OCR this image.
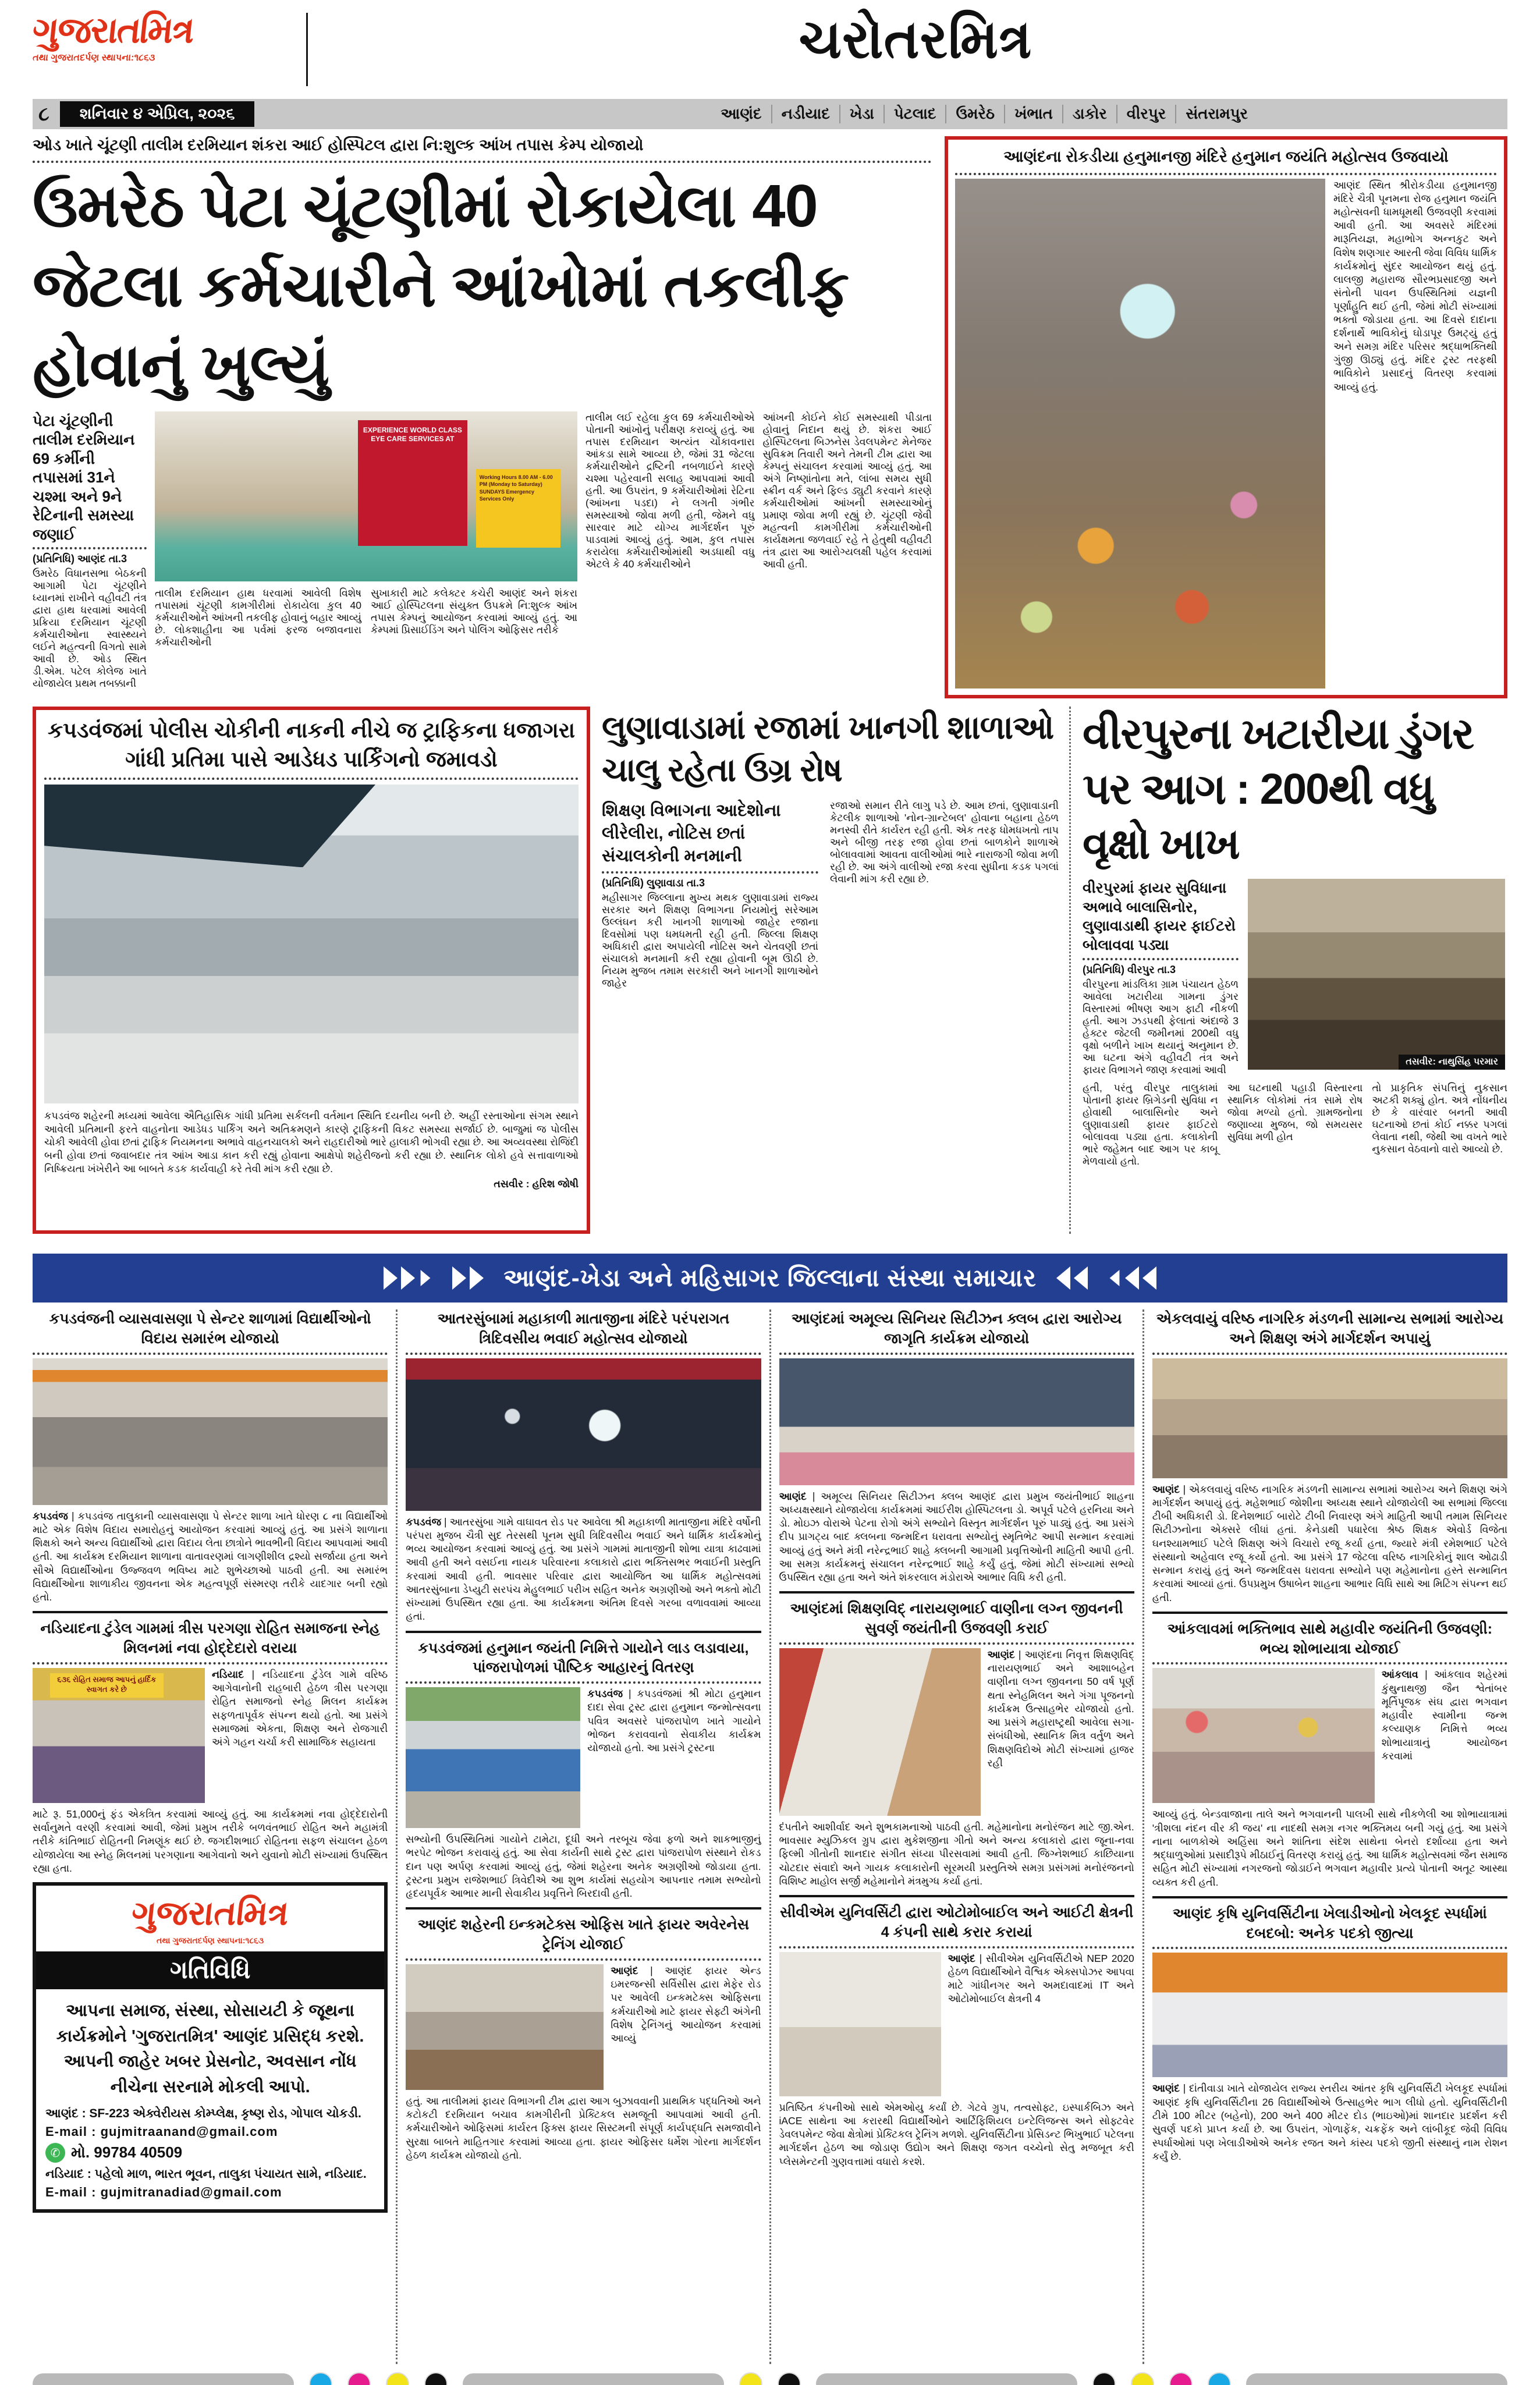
ગુજરાતમિત્ર
તથા ગુજરાતદર્પણ સ્થાપના:૧૮૬૩	ચરોતરમિત્ર
૮	શનિવાર ૪ એપ્રિલ, ૨૦૨૬	આણંદ	નડીયાદ	ખેડા	પેટલાદ	ઉમરેઠ	ખંભાત	ડાકોર	વીરપુર	સંતરામપુર
ઓડ ખાતે ચૂંટણી તાલીમ દરમિયાન શંકરા આઈ હોસ્પિટલ દ્વારા નિ:શુલ્ક આંખ તપાસ કેમ્પ યોજાયો
ઉમરેઠ પેટા ચૂંટણીમાં રોકાયેલા 40 જેટલા કર્મચારીને આંખોમાં તકલીફ હોવાનું ખુલ્યું
પેટા ચૂંટણીની તાલીમ દરમિયાન 69 કર્મીની તપાસમાં 31ને ચશ્મા અને 9ને રેટિનાની સમસ્યા જણાઈ
(પ્રતિનિધિ) આણંદ તા.3

ઉમરેઠ વિધાનસભા બેઠકની આગામી પેટા ચૂંટણીને ધ્યાનમાં રાખીને વહીવટી તંત્ર દ્વારા હાથ ધરવામાં આવેલી પ્રક્રિયા દરમિયાન ચૂંટણી કર્મચારીઓના સ્વાસ્થ્યને લઈને મહત્વની વિગતો સામે આવી છે. ઓડ સ્થિત ડી.એમ. પટેલ કોલેજ ખાતે યોજાયેલ પ્રથમ તબક્કાની

EXPERIENCE WORLD CLASS EYE CARE SERVICES AT
Working Hours 8.00 AM - 6.00 PM (Monday to Saturday) SUNDAYS Emergency Services Only

તાલીમ દરમિયાન હાથ ધરવામાં આવેલી વિશેષ તપાસમાં ચૂંટણી કામગીરીમાં રોકાયેલા કુલ 40 કર્મચારીઓને આંખની તકલીફ હોવાનું બહાર આવ્યું છે. લોકશાહીના આ પર્વમાં ફરજ બજાવનારા કર્મચારીઓની

સુખાકારી માટે કલેક્ટર કચેરી આણંદ અને શંકરા આઈ હોસ્પિટલના સંયુક્ત ઉપક્રમે નિ:શુલ્ક આંખ તપાસ કેમ્પનું આયોજન કરવામાં આવ્યું હતું. આ કેમ્પમાં પ્રિસાઈડિંગ અને પોલિંગ ઓફિસર તરીકે

તાલીમ લઈ રહેલા કુલ 69 કર્મચારીઓએ પોતાની આંખોનું પરીક્ષણ કરાવ્યું હતું. આ તપાસ દરમિયાન અત્યંત ચોંકાવનારા આંકડા સામે આવ્યા છે, જેમાં 31 જેટલા કર્મચારીઓને દ્રષ્ટિની નબળાઈને કારણે ચશ્મા પહેરવાની સલાહ આપવામાં આવી હતી. આ ઉપરાંત, 9 કર્મચારીઓમાં રેટિના (આંખના પડદા) ને લગતી ગંભીર સમસ્યાઓ જોવા મળી હતી, જેમને વધુ સારવાર માટે યોગ્ય માર્ગદર્શન પૂરું પાડવામાં આવ્યું હતું. આમ, કુલ તપાસ કરાયેલા કર્મચારીઓમાંથી અડધાથી વધુ એટલે કે 40 કર્મચારીઓને

આંખની કોઈને કોઈ સમસ્યાથી પીડાતા હોવાનું નિદાન થયું છે. શંકરા આઈ હોસ્પિટલના બિઝનેસ ડેવલપમેન્ટ મેનેજર સુવિક્રમ તિવારી અને તેમની ટીમ દ્વારા આ કેમ્પનું સંચાલન કરવામાં આવ્યું હતું. આ અંગે નિષ્ણાંતોના મતે, લાંબા સમય સુધી સ્ક્રીન વર્ક અને ફિલ્ડ ડ્યુટી કરવાને કારણે કર્મચારીઓમાં આંખની સમસ્યાઓનું પ્રમાણ જોવા મળી રહ્યું છે. ચૂંટણી જેવી મહત્વની કામગીરીમાં કર્મચારીઓની કાર્યક્ષમતા જળવાઈ રહે તે હેતુથી વહીવટી તંત્ર દ્વારા આ આરોગ્યલક્ષી પહેલ કરવામાં આવી હતી.

આણંદના રોકડીયા હનુમાનજી મંદિરે હનુમાન જયંતિ મહોત્સવ ઉજવાયો

આણંદ સ્થિત શ્રીરોકડીયા હનુમાનજી મંદિરે ચૈત્રી પૂનમના રોજ હનુમાન જયંતિ મહોત્સવની ધામધૂમથી ઉજવણી કરવામાં આવી હતી. આ અવસરે મંદિરમાં મારૂતિયજ્ઞ, મહાભોગ અન્નકુટ અને વિશેષ શણગાર આરતી જેવા વિવિધ ધાર્મિક કાર્યક્રમોનું સુંદર આયોજન થયું હતું. લાલજી મહારાજ સૌરભપ્રસાદજી અને સંતોની પાવન ઉપસ્થિતિમાં યજ્ઞની પૂર્ણાહુતિ થઈ હતી, જેમાં મોટી સંખ્યામાં ભક્તો જોડાયા હતા. આ દિવસે દાદાના દર્શનાર્થે ભાવિકોનું ઘોડાપૂર ઉમટ્યું હતું અને સમગ્ર મંદિર પરિસર શ્રદ્ધાભક્તિથી ગુંજી ઊઠ્યું હતું. મંદિર ટ્રસ્ટ તરફથી ભાવિકોને પ્રસાદનું વિતરણ કરવામાં આવ્યું હતું.

કપડવંજમાં પોલીસ ચોકીની નાકની નીચે જ ટ્રાફિકના ધજાગરા
ગાંધી પ્રતિમા પાસે આડેધડ પાર્કિંગનો જમાવડો

કપડવંજ શહેરની મધ્યમાં આવેલા ઐતિહાસિક ગાંધી પ્રતિમા સર્કલની વર્તમાન સ્થિતિ દયનીય બની છે. અહીં રસ્તાઓના સંગમ સ્થાને આવેલી પ્રતિમાની ફરતે વાહનોના આડેધડ પાર્કિંગ અને અતિક્રમણને કારણે ટ્રાફિકની વિકટ સમસ્યા સર્જાઈ છે. બાજુમાં જ પોલીસ ચોકી આવેલી હોવા છતાં ટ્રાફિક નિયમનના અભાવે વાહનચાલકો અને રાહદારીઓ ભારે હાલાકી ભોગવી રહ્યા છે. આ અવ્યવસ્થા રોજિંદી બની હોવા છતાં જવાબદાર તંત્ર આંખ આડા કાન કરી રહ્યું હોવાના આક્ષેપો શહેરીજનો કરી રહ્યા છે. સ્થાનિક લોકો હવે સત્તાવાળાઓ નિષ્ક્રિયતા ખંખેરીને આ બાબતે કડક કાર્યવાહી કરે તેવી માંગ કરી રહ્યા છે.

તસવીર : હરિશ જોષી
લુણાવાડામાં રજામાં ખાનગી શાળાઓ ચાલુ રહેતા ઉગ્ર રોષ
શિક્ષણ વિભાગના આદેશોના લીરેલીરા, નોટિસ છતાં સંચાલકોની મનમાની
(પ્રતિનિધિ) લુણાવાડા તા.3

મહીસાગર જિલ્લાના મુખ્ય મથક લુણાવાડામાં રાજ્ય સરકાર અને શિક્ષણ વિભાગના નિયમોનું સરેઆમ ઉલ્લંઘન કરી ખાનગી શાળાઓ જાહેર રજાના દિવસોમાં પણ ધમધમતી રહી હતી. જિલ્લા શિક્ષણ અધિકારી દ્વારા અપાયેલી નોટિસ અને ચેતવણી છતાં સંચાલકો મનમાની કરી રહ્યા હોવાની બૂમ ઊઠી છે. નિયમ મુજબ તમામ સરકારી અને ખાનગી શાળાઓને જાહેર

રજાઓ સમાન રીતે લાગુ પડે છે. આમ છતાં, લુણાવાડાની કેટલીક શાળાઓ 'નોન-ગ્રાન્ટેબલ' હોવાના બહાના હેઠળ મનસ્વી રીતે કાર્યરત રહી હતી. એક તરફ ધોમધખતો તાપ અને બીજી તરફ રજા હોવા છતાં બાળકોને શાળાએ બોલાવવામાં આવતા વાલીઓમાં ભારે નારાજગી જોવા મળી રહી છે. આ અંગે વાલીઓ રજા કરવા સુધીના કડક પગલાં લેવાની માંગ કરી રહ્યા છે.

વીરપુરના ખટારીયા ડુંગર પર આગ : 200થી વધુ વૃક્ષો ખાખ
વીરપુરમાં ફાયર સુવિધાના અભાવે બાલાસિનોર, લુણાવાડાથી ફાયર ફાઈટરો બોલાવવા પડ્યા
(પ્રતિનિધિ) વીરપુર તા.3

વીરપુરના માંડલિકા ગ્રામ પંચાયત હેઠળ આવેલા ખટારીયા ગામના ડુંગર વિસ્તારમાં ભીષણ આગ ફાટી નીકળી હતી. આગ ઝડપથી ફેલાતાં અંદાજે 3 હેક્ટર જેટલી જમીનમાં 200થી વધુ વૃક્ષો બળીને ખાખ થયાનું અનુમાન છે. આ ઘટના અંગે વહીવટી તંત્ર અને ફાયર વિભાગને જાણ કરવામાં આવી

તસવીર: નાથુસિંહ પરમાર

હતી, પરંતુ વીરપુર તાલુકામાં પોતાની ફાયર બ્રિગેડની સુવિધા ન હોવાથી બાલાસિનોર અને લુણાવાડાથી ફાયર ફાઈટરો બોલાવવા પડ્યા હતા. કલાકોની ભારે જહેમત બાદ આગ પર કાબૂ મેળવાયો હતો.

આ ઘટનાથી પહાડી વિસ્તારના સ્થાનિક લોકોમાં તંત્ર સામે રોષ જોવા મળ્યો હતો. ગ્રામજનોના જણાવ્યા મુજબ, જો સમયસર સુવિધા મળી હોત

તો પ્રાકૃતિક સંપત્તિનું નુકસાન અટકી શક્યું હોત. અત્રે નોંધનીય છે કે વારંવાર બનતી આવી ઘટનાઓ છતાં કોઈ નક્કર પગલાં લેવાતા નથી, જેથી આ વખતે ભારે નુકસાન વેઠવાનો વારો આવ્યો છે.

આણંદ-ખેડા અને મહિસાગર જિલ્લાના સંસ્થા સમાચાર
કપડવંજની વ્યાસવાસણા પે સેન્ટર શાળામાં વિદ્યાર્થીઓનો વિદાય સમારંભ યોજાયો

કપડવંજ | કપડવંજ તાલુકાની વ્યાસવાસણા પે સેન્ટર શાળા ખાતે ધોરણ ૮ ના વિદ્યાર્થીઓ માટે એક વિશેષ વિદાય સમારોહનું આયોજન કરવામાં આવ્યું હતું. આ પ્રસંગે શાળાના શિક્ષકો અને અન્ય વિદ્યાર્થીઓ દ્વારા વિદાય લેતા છાત્રોને ભાવભીની વિદાય આપવામાં આવી હતી. આ કાર્યક્રમ દરમિયાન શાળાના વાતાવરણમાં લાગણીશીલ દ્રશ્યો સર્જાયા હતા અને સૌએ વિદ્યાર્થીઓના ઉજ્જવળ ભવિષ્ય માટે શુભેચ્છાઓ પાઠવી હતી. આ સમારંભ વિદ્યાર્થીઓના શાળાકીય જીવનના એક મહત્વપૂર્ણ સંસ્મરણ તરીકે યાદગાર બની રહ્યો હતો.

નડિયાદના ટુંડેલ ગામમાં ત્રીસ પરગણા રોહિત સમાજના સ્નેહ મિલનમાં નવા હોદ્દેદારો વરાયા
૬૩૬ રોહિત સમાજ આપનું હાર્દિક સ્વાગત કરે છે

નડિયાદ | નડિયાદના ટુંડેલ ગામે વરિષ્ઠ આગેવાનોની રાહબારી હેઠળ ત્રીસ પરગણા રોહિત સમાજનો સ્નેહ મિલન કાર્યક્રમ સફળતાપૂર્વક સંપન્ન થયો હતો. આ પ્રસંગે સમાજમાં એકતા, શિક્ષણ અને રોજગારી અંગે ગહન ચર્ચા કરી સામાજિક સહાયતા

માટે રૂ. 51,000નું ફંડ એકત્રિત કરવામાં આવ્યું હતું. આ કાર્યક્રમમાં નવા હોદ્દેદારોની સર્વાનુમતે વરણી કરવામાં આવી, જેમાં પ્રમુખ તરીકે બળવંતભાઈ રોહિત અને મહામંત્રી તરીકે કાંતિભાઈ રોહિતની નિમણૂંક થઈ છે. જગદીશભાઈ રોહિતના સફળ સંચાલન હેઠળ યોજાયેલા આ સ્નેહ મિલનમાં પરગણાના આગેવાનો અને યુવાનો મોટી સંખ્યામાં ઉપસ્થિત રહ્યા હતા.

ગુજરાતમિત્ર
તથા ગુજરાતદર્પણ સ્થાપના:૧૮૬૩
ગતિવિધિ

આપના સમાજ, સંસ્થા, સોસાયટી કે જૂથના કાર્યક્રમોને 'ગુજરાતમિત્ર' આણંદ પ્રસિદ્ધ કરશે. આપની જાહેર ખબર પ્રેસનોટ, અવસાન નોંધ નીચેના સરનામે મોકલી આપો.

આણંદ : SF-223 એક્વેરીયસ કોમ્પ્લેક્ષ, કૃષ્ણ રોડ, ગોપાલ ચોકડી.
E-mail : gujmitraanand@gmail.com
✆ મો. 99784 40509
નડિયાદ : પહેલો માળ, ભારત ભૂવન, તાલુકા પંચાયત સામે, નડિયાદ.
E-mail : gujmitranadiad@gmail.com
આતરસુંબામાં મહાકાળી માતાજીના મંદિરે પરંપરાગત ત્રિદિવસીય ભવાઈ મહોત્સવ યોજાયો

કપડવંજ | આતરસુંબા ગામે વાઘાવત રોડ પર આવેલા શ્રી મહાકાળી માતાજીના મંદિરે વર્ષોની પરંપરા મુજબ ચૈત્રી સુદ તેરસથી પૂનમ સુધી ત્રિદિવસીય ભવાઈ અને ધાર્મિક કાર્યક્રમોનું ભવ્ય આયોજન કરવામાં આવ્યું હતું. આ પ્રસંગે ગામમાં માતાજીની શોભા યાત્રા કાઢવામાં આવી હતી અને વસઈના નાયક પરિવારના કલાકારો દ્વારા ભક્તિસભર ભવાઈની પ્રસ્તુતિ કરવામાં આવી હતી. ભાવસાર પરિવાર દ્વારા આયોજિત આ ધાર્મિક મહોત્સવમાં આતરસુંબાના ડેપ્યુટી સરપંચ મેહુલભાઈ પરીખ સહિત અનેક અગ્રણીઓ અને ભક્તો મોટી સંખ્યામાં ઉપસ્થિત રહ્યા હતા. આ કાર્યક્રમના અંતિમ દિવસે ગરબા વળાવવામાં આવ્યા હતાં.

કપડવંજમાં હનુમાન જયંતી નિમિત્તે ગાયોને લાડ લડાવાયા, પાંજરાપોળમાં પૌષ્ટિક આહારનું વિતરણ

કપડવંજ | કપડવંજમાં શ્રી મોટા હનુમાન દાદા સેવા ટ્રસ્ટ દ્વારા હનુમાન જન્મોત્સવના પવિત્ર અવસરે પાંજરાપોળ ખાતે ગાયોને ભોજન કરાવવાનો સેવાકીય કાર્યક્રમ યોજાયો હતો. આ પ્રસંગે ટ્રસ્ટના

સભ્યોની ઉપસ્થિતિમાં ગાયોને ટામેટા, દૂધી અને તરબૂચ જેવા ફળો અને શાકભાજીનું ભરપેટ ભોજન કરાવાયું હતું. આ સેવા કાર્યની સાથે ટ્રસ્ટ દ્વારા પાંજરાપોળ સંસ્થાને રોકડ દાન પણ અર્પણ કરવામાં આવ્યું હતું, જેમાં શહેરના અનેક અગ્રણીઓ જોડાયા હતા. ટ્રસ્ટના પ્રમુખ રાજેશભાઈ ત્રિવેદીએ આ શુભ કાર્યમાં સહયોગ આપનાર તમામ સભ્યોનો હૃદયપૂર્વક આભાર માની સેવાકીય પ્રવૃત્તિને બિરદાવી હતી.

આણંદ શહેરની ઇન્કમટેક્સ ઓફિસ ખાતે ફાયર અવેરનેસ ટ્રેનિંગ યોજાઈ

આણંદ | આણંદ ફાયર એન્ડ ઇમરજન્સી સર્વિસીસ દ્વારા મેફેર રોડ પર આવેલી ઇન્કમટેક્સ ઓફિસના કર્મચારીઓ માટે ફાયર સેફ્ટી અંગેની વિશેષ ટ્રેનિંગનું આયોજન કરવામાં આવ્યું

હતું. આ તાલીમમાં ફાયર વિભાગની ટીમ દ્વારા આગ બુઝાવવાની પ્રાથમિક પદ્ધતિઓ અને કટોકટી દરમિયાન બચાવ કામગીરીની પ્રેક્ટિકલ સમજૂતી આપવામાં આવી હતી. કર્મચારીઓને ઓફિસમાં કાર્યરત ફિક્સ ફાયર સિસ્ટમની સંપૂર્ણ કાર્યપદ્ધતિ સમજાવીને સુરક્ષા બાબતે માહિતગાર કરવામાં આવ્યા હતા. ફાયર ઓફિસર ધર્મેશ ગોરના માર્ગદર્શન હેઠળ કાર્યક્રમ યોજાયો હતો.

આણંદમાં અમૂલ્ય સિનિયર સિટીઝન ક્લબ દ્વારા આરોગ્ય જાગૃતિ કાર્યક્રમ યોજાયો

આણંદ | અમૂલ્ય સિનિયર સિટીઝન ક્લબ આણંદ દ્વારા પ્રમુખ જયંતીભાઈ શાહના અધ્યક્ષસ્થાને યોજાયેલા કાર્યક્રમમાં આઈરીશ હોસ્પિટલના ડો. અપૂર્વ પટેલે હરનિયા અને ડો. મોઇઝ વોરાએ પેટના રોગો અંગે સભ્યોને વિસ્તૃત માર્ગદર્શન પૂરું પાડ્યું હતું. આ પ્રસંગે દીપ પ્રાગટ્ય બાદ ક્લબના જન્મદિન ધરાવતા સભ્યોનું સ્મૃતિભેટ આપી સન્માન કરવામાં આવ્યું હતું અને મંત્રી નરેન્દ્રભાઈ શાહે ક્લબની આગામી પ્રવૃત્તિઓની માહિતી આપી હતી. આ સમગ્ર કાર્યક્રમનું સંચાલન નરેન્દ્રભાઈ શાહે કર્યું હતું, જેમાં મોટી સંખ્યામાં સભ્યો ઉપસ્થિત રહ્યા હતા અને અંતે શંકરલાલ મંડોરાએ આભાર વિધિ કરી હતી.

આણંદમાં શિક્ષણવિદ્ નારાયણભાઈ વાણીના લગ્ન જીવનની સુવર્ણ જયંતીની ઉજવણી કરાઈ

આણંદ | આણંદના નિવૃત્ત શિક્ષણવિદ્ નારાયણભાઈ અને આશાબહેન વાણીના લગ્ન જીવનના 50 વર્ષ પૂર્ણ થતા સ્નેહમિલન અને ગંગા પૂજનનો કાર્યક્રમ ઉત્સાહભેર યોજાયો હતો. આ પ્રસંગે મહારાષ્ટ્રથી આવેલા સગા-સંબંધીઓ, સ્થાનિક મિત્ર વર્તુળ અને શિક્ષણવિદોએ મોટી સંખ્યામાં હાજર રહી

દંપતીને આશીર્વાદ અને શુભકામનાઓ પાઠવી હતી. મહેમાનોના મનોરંજન માટે જી.એન. ભાવસાર મ્યુઝિકલ ગ્રુપ દ્વારા મુકેશજીના ગીતો અને અન્ય કલાકારો દ્વારા જૂના-નવા ફિલ્મી ગીતોની શાનદાર સંગીત સંધ્યા પીરસવામાં આવી હતી. જિગ્નેશભાઈ કાછિયાના ચોટદાર સંવાદો અને ગાયક કલાકારોની સૂરમયી પ્રસ્તુતિએ સમગ્ર પ્રસંગમાં મનોરંજનનો વિશિષ્ટ માહોલ સર્જી મહેમાનોને મંત્રમુગ્ધ કર્યા હતાં.

સીવીએમ યુનિવર્સિટી દ્વારા ઓટોમોબાઈલ અને આઈટી ક્ષેત્રની 4 કંપની સાથે કરાર કરાયાં

આણંદ | સીવીએમ યુનિવર્સિટીએ NEP 2020 હેઠળ વિદ્યાર્થીઓને વૈશ્વિક એક્સપોઝર આપવા માટે ગાંધીનગર અને અમદાવાદમાં IT અને ઓટોમોબાઈલ ક્ષેત્રની 4

પ્રતિષ્ઠિત કંપનીઓ સાથે એમઓયુ કર્યાં છે. ગેટવે ગ્રુપ, તત્વસોફ્ટ, ઇસ્પાર્કબિઝ અને iACE સાથેના આ કરારથી વિદ્યાર્થીઓને આર્ટિફિશિયલ ઇન્ટેલિજન્સ અને સોફ્ટવેર ડેવલપમેન્ટ જેવા ક્ષેત્રોમાં પ્રેક્ટિકલ ટ્રેનિંગ મળશે. યુનિવર્સિટીના પ્રેસિડન્ટ ભિખુભાઈ પટેલના માર્ગદર્શન હેઠળ આ જોડાણ ઉદ્યોગ અને શિક્ષણ જગત વચ્ચેનો સેતુ મજબૂત કરી પ્લેસમેન્ટની ગુણવત્તામાં વધારો કરશે.

એકલવાયું વરિષ્ઠ નાગરિક મંડળની સામાન્ય સભામાં આરોગ્ય અને શિક્ષણ અંગે માર્ગદર્શન અપાયું

આણંદ | એકલવાયું વરિષ્ઠ નાગરિક મંડળની સામાન્ય સભામાં આરોગ્ય અને શિક્ષણ અંગે માર્ગદર્શન અપાયું હતું. મહેશભાઈ જોશીના અધ્યક્ષ સ્થાને યોજાયેલી આ સભામાં જિલ્લા ટીબી અધિકારી ડો. દિનેશભાઈ બારોટે ટીબી નિવારણ અંગે માહિતી આપી તમામ સિનિયર સિટીઝનોના એક્સરે લીધાં હતાં. કેનેડાથી પધારેલા શ્રેષ્ઠ શિક્ષક એવોર્ડ વિજેતા ઘનશ્યામભાઈ પટેલે શિક્ષણ અંગે વિચારો રજૂ કર્યા હતા, જ્યારે મંત્રી રમેશભાઈ પટેલે સંસ્થાનો અહેવાલ રજૂ કર્યો હતો. આ પ્રસંગે 17 જેટલા વરિષ્ઠ નાગરિકોનું શાલ ઓઢાડી સન્માન કરાયું હતું અને જન્મદિવસ ધરાવતા સભ્યોને પણ મહેમાનોના હસ્તે સન્માનિત કરવામાં આવ્યાં હતાં. ઉપપ્રમુખ ઉષાબેન શાહના આભાર વિધિ સાથે આ મિટિંગ સંપન્ન થઈ હતી.

આંકલાવમાં ભક્તિભાવ સાથે મહાવીર જયંતિની ઉજવણી: ભવ્ય શોભાયાત્રા યોજાઈ

આંકલાવ | આંકલાવ શહેરમાં કુંથુનાથજી જૈન શ્વેતાંબર મૂર્તિપૂજક સંઘ દ્વારા ભગવાન મહાવીર સ્વામીના જન્મ કલ્યાણક નિમિત્તે ભવ્ય શોભાયાત્રાનું આયોજન કરવામાં

આવ્યું હતું. બેન્ડવાજાના તાલે અને ભગવાનની પાલખી સાથે નીકળેલી આ શોભાયાત્રામાં 'ત્રીશલા નંદન વીર કી જય' ના નાદથી સમગ્ર નગર ભક્તિમય બની ગયું હતું. આ પ્રસંગે નાના બાળકોએ અહિંસા અને શાંતિના સંદેશ સાથેના બેનરો દર્શાવ્યા હતા અને શ્રદ્ધાળુઓમાં પ્રસાદીરૂપે મીઠાઈનું વિતરણ કરાયું હતું. આ ધાર્મિક મહોત્સવમાં જૈન સમાજ સહિત મોટી સંખ્યામાં નગરજનો જોડાઈને ભગવાન મહાવીર પ્રત્યે પોતાની અતૂટ આસ્થા વ્યક્ત કરી હતી.

આણંદ કૃષિ યુનિવર્સિટીના ખેલાડીઓનો ખેલકૂદ સ્પર્ધામાં દબદબો: અનેક પદકો જીત્યા

આણંદ | દાંતીવાડા ખાતે યોજાયેલ રાજ્ય સ્તરીય આંતર કૃષિ યુનિવર્સિટી ખેલકૂદ સ્પર્ધામાં આણંદ કૃષિ યુનિવર્સિટીના 26 વિદ્યાર્થીઓએ ઉત્સાહભેર ભાગ લીધો હતો. યુનિવર્સિટીની ટીમે 100 મીટર (બહેનો), 200 અને 400 મીટર દોડ (ભાઇઓ)માં શાનદાર પ્રદર્શન કરી સુવર્ણ પદકો પ્રાપ્ત કર્યા છે. આ ઉપરાંત, ગોળાફેંક, ચક્રફેંક અને લાંબીકૂદ જેવી વિવિધ સ્પર્ધાઓમાં પણ ખેલાડીઓએ અનેક રજત અને કાંસ્ય પદકો જીતી સંસ્થાનું નામ રોશન કર્યું છે.
